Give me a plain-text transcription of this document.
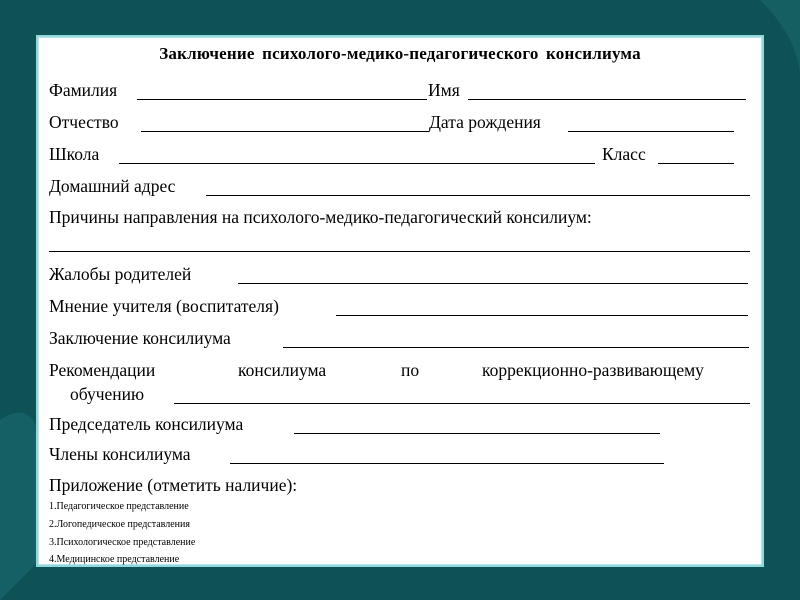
Заключение психолого-медико-педагогического консилиума
Фамилия	Имя
Отчество	Дата рождения
Школа	Класс
Домашний адрес
Причины направления на психолого-медико-педагогический консилиум:
Жалобы родителей
Мнение учителя (воспитателя)
Заключение консилиума
Рекомендации	консилиума	по	коррекционно-развивающему
обучению
Председатель консилиума
Члены консилиума
Приложение (отметить наличие):
1.Педагогическое представление
2.Логопедическое представления
3.Психологическое представление
4.Медицинское представление
